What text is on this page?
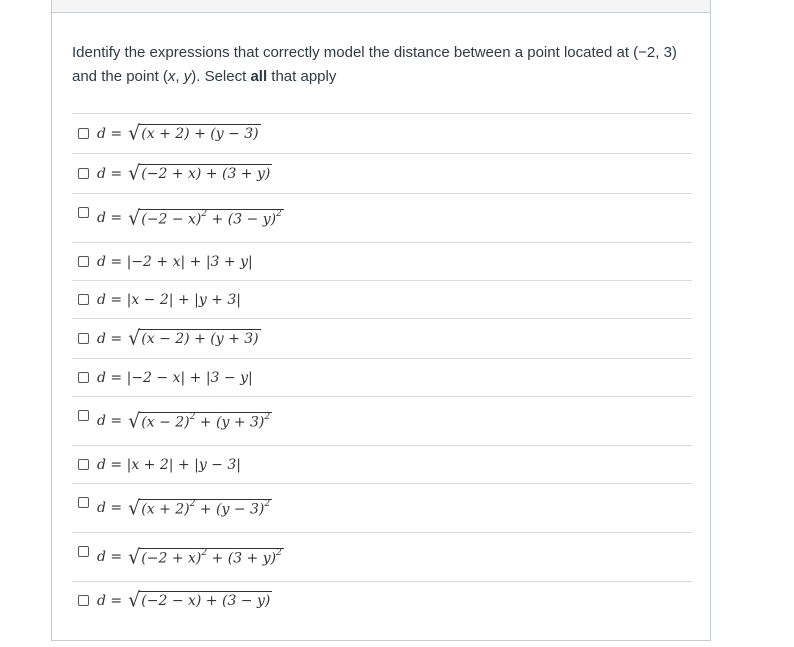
Identify the expressions that correctly model the distance between a point located at (−2, 3) and the point (x, y). Select all that apply
d = √ (x + 2) + (y − 3)
d = √ (−2 + x) + (3 + y)
d = √ $(-2 - x)^2 + (3 - y)^2$
d =
|−2 + x| + |3 + y|
d =
|x − 2| + |y + 3|
d = √ (x − 2) + (y + 3)
d =
|−2 − x| + |3 − y|
d = √ $(x - 2)^2 + (y + 3)^2$
d =
|x + 2| + |y − 3|
d = √ $(x + 2)^2 + (y - 3)^2$
d = √ $(-2 + x)^2 + (3 + y)^2$
d = √ (−2 − x) + (3 − y)
